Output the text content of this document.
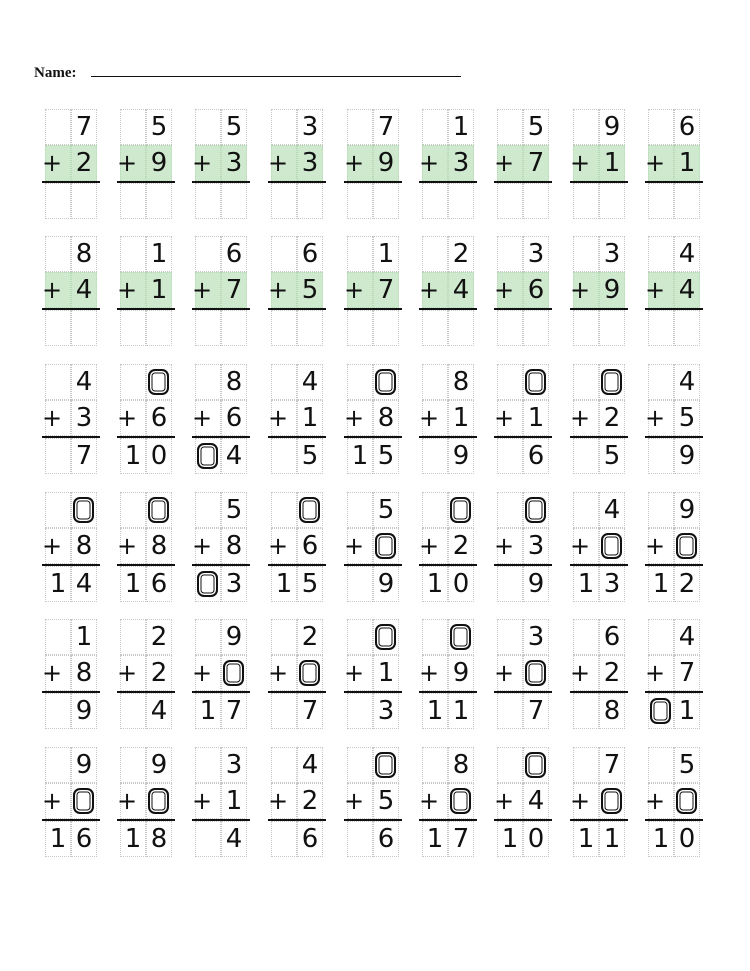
Name:
7
+ 2
5
+ 9
5
+ 3
3
+ 3
7
+ 9
1
+ 3
5
+ 7
9
+ 1
6
+ 1
8
+ 4
1
+ 1
6
+ 7
6
+ 5
1
+ 7
2
+ 4
3
+ 6
3
+ 9
4
+ 4
4
+ 3
7
+ 6
1 0
8
+ 6
4
4
+ 1
5
+ 8
1 5
8
+ 1
9
+ 1
6
+ 2
5
4
+ 5
9
+ 8
1 4
+ 8
1 6
5
+ 8
3
+ 6
1 5
5
+
9
+ 2
1 0
+ 3
9
4
+
1 3
9
+
1 2
1
+ 8
9
2
+ 2
4
9
+
1 7
2
+
7
+ 1
3
+ 9
1 1
3
+
7
6
+ 2
8
4
+ 7
1
9
+
1 6
9
+
1 8
3
+ 1
4
4
+ 2
6
+ 5
6
8
+
1 7
+ 4
1 0
7
+
1 1
5
+
1 0
